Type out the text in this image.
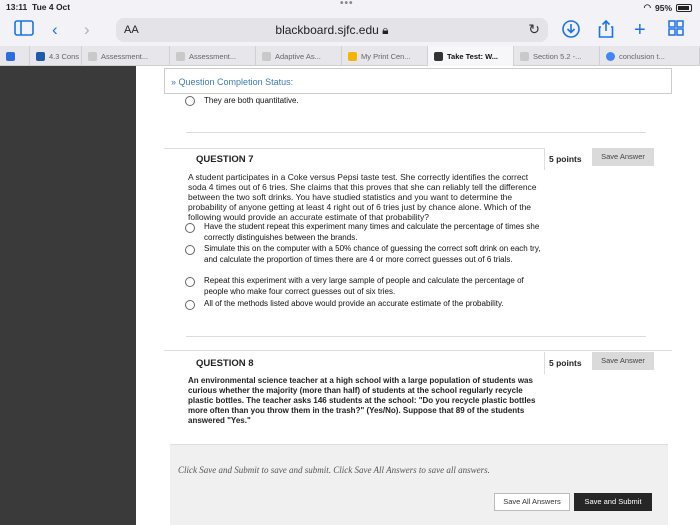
13:11 Tue 4 Oct	•••	◠ 95%
‹ ›	AA	blackboard.sjfc.edu 🔒︎	↻	+
4.3 Cons	Assessment...	Assessment...	Adaptive As...	My Print Cen...	Take Test: W...	Section 5.2 -...	conclusion t...
» Question Completion Status:
They are both quantitative.
QUESTION 7	5 points	Save Answer
A student participates in a Coke versus Pepsi taste test. She correctly identifies the correct soda 4 times out of 6 tries. She claims that this proves that she can reliably tell the difference between the two soft drinks. You have studied statistics and you want to determine the probability of anyone getting at least 4 right out of 6 tries just by chance alone. Which of the following would provide an accurate estimate of that probability?
Have the student repeat this experiment many times and calculate the percentage of times she correctly distinguishes between the brands.
Simulate this on the computer with a 50% chance of guessing the correct soft drink on each try, and calculate the proportion of times there are 4 or more correct guesses out of 6 trials.
Repeat this experiment with a very large sample of people and calculate the percentage of people who make four correct guesses out of six tries.
All of the methods listed above would provide an accurate estimate of the probability.
QUESTION 8	5 points	Save Answer
An environmental science teacher at a high school with a large population of students was curious whether the majority (more than half) of students at the school regularly recycle plastic bottles. The teacher asks 146 students at the school: "Do you recycle plastic bottles more often than you throw them in the trash?" (Yes/No). Suppose that 89 of the students answered "Yes."
Click Save and Submit to save and submit. Click Save All Answers to save all answers.
Save All Answers	Save and Submit
